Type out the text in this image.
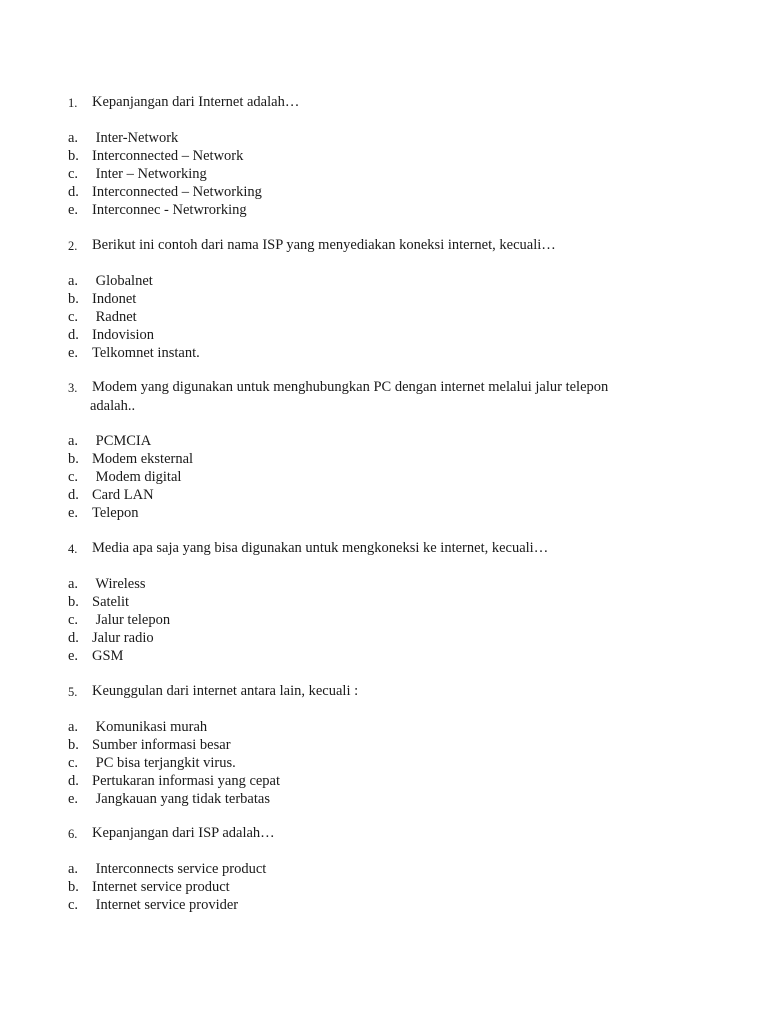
1.	Kepanjangan dari Internet adalah…
a. Inter-Network
b. Interconnected – Network
c. Inter – Networking
d. Interconnected – Networking
e. Interconnec - Netwrorking
2.	Berikut ini contoh dari nama ISP yang menyediakan koneksi internet, kecuali…
a. Globalnet
b. Indonet
c. Radnet
d. Indovision
e. Telkomnet instant.
3.	Modem yang digunakan untuk menghubungkan PC dengan internet melalui jalur telepon
adalah..
a. PCMCIA
b. Modem eksternal
c. Modem digital
d. Card LAN
e. Telepon
4.	Media apa saja yang bisa digunakan untuk mengkoneksi ke internet, kecuali…
a. Wireless
b. Satelit
c. Jalur telepon
d. Jalur radio
e. GSM
5.	Keunggulan dari internet antara lain, kecuali :
a. Komunikasi murah
b. Sumber informasi besar
c. PC bisa terjangkit virus.
d. Pertukaran informasi yang cepat
e. Jangkauan yang tidak terbatas
6.	Kepanjangan dari ISP adalah…
a. Interconnects service product
b. Internet service product
c. Internet service provider
